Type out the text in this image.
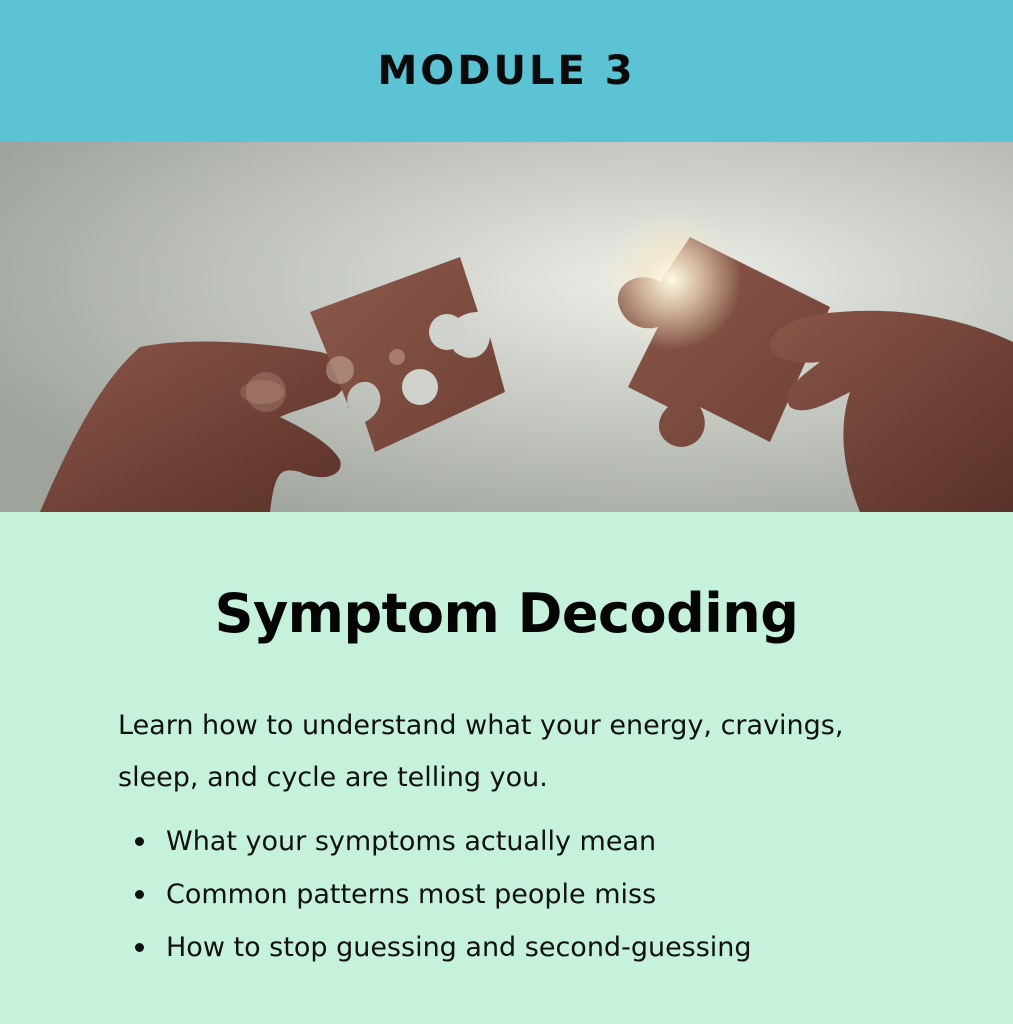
MODULE 3
Symptom Decoding

Learn how to understand what your energy, cravings, sleep, and cycle are telling you.

What your symptoms actually mean
Common patterns most people miss
How to stop guessing and second-guessing
